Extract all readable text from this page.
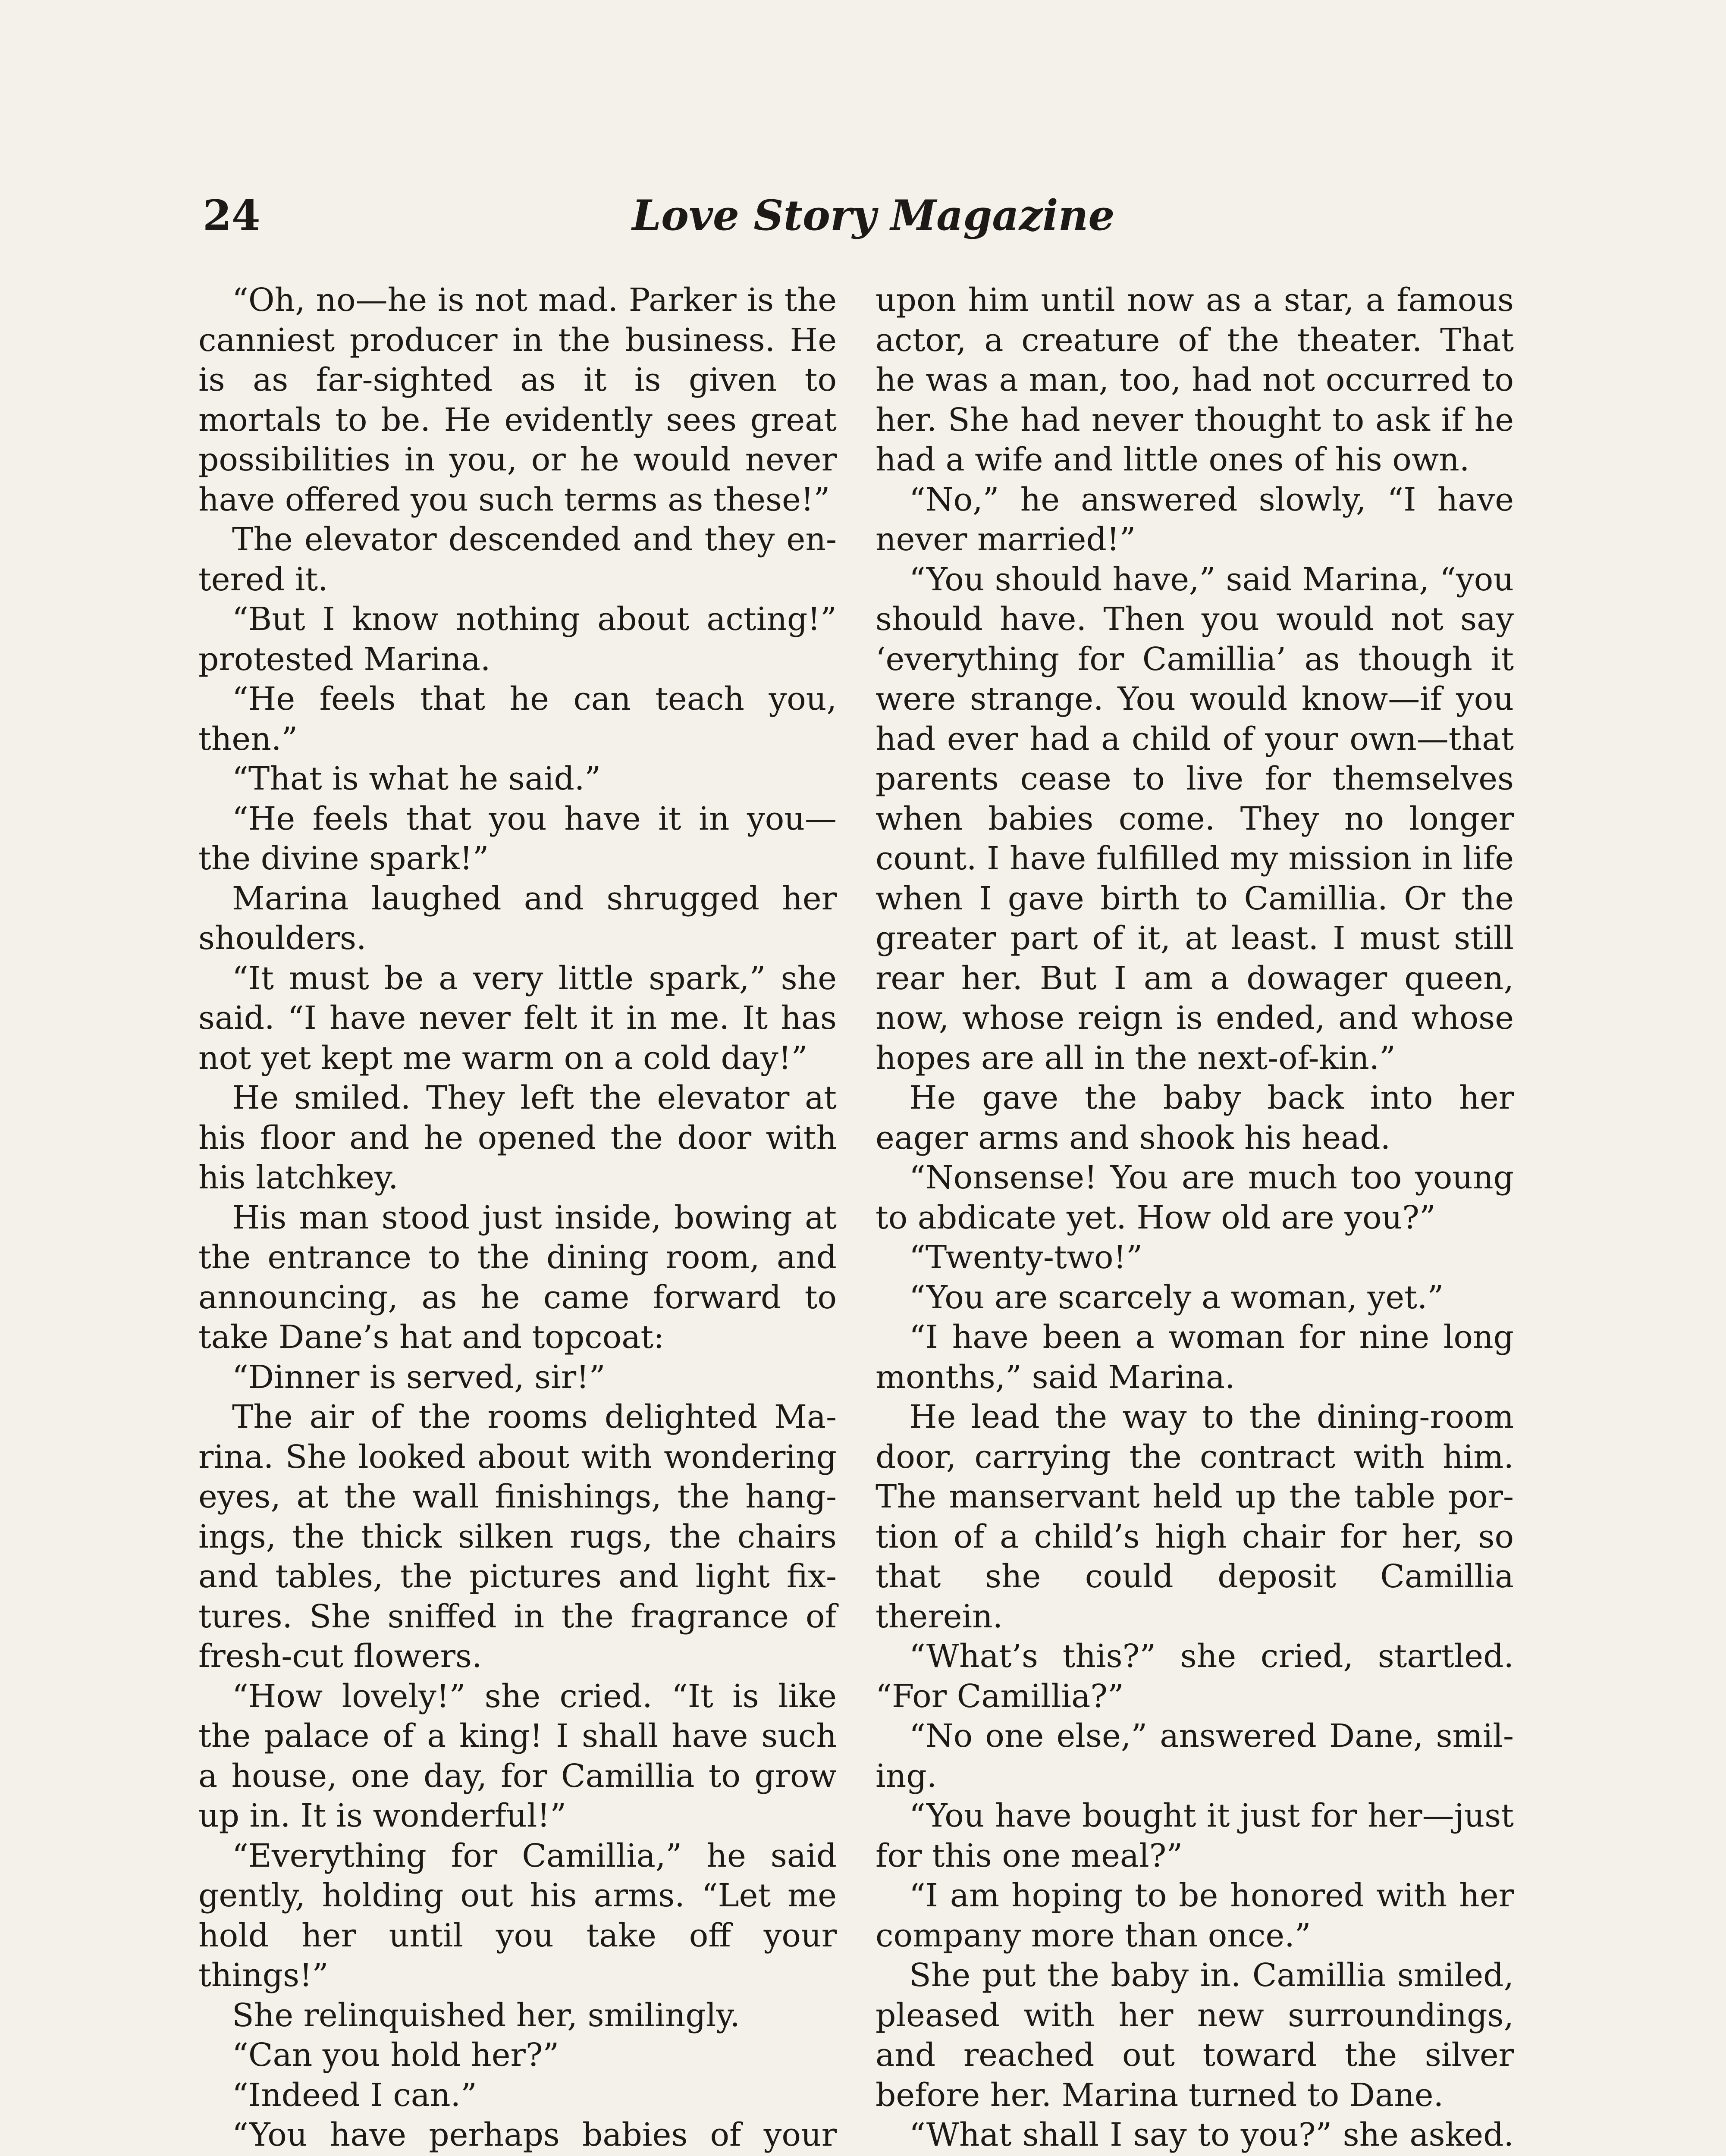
24	Love Story Magazine

“Oh, no—he is not mad. Parker is the canniest producer in the business. He is as far-sighted as it is given to mortals to be. He evidently sees great possibilities in you, or he would never have offered you such terms as these!”

The elevator descended and they entered it.

“But I know nothing about acting!” protested Marina.

“He feels that he can teach you, then.”

“That is what he said.”

“He feels that you have it in you—the divine spark!”

Marina laughed and shrugged her shoulders.

“It must be a very little spark,” she said. “I have never felt it in me. It has not yet kept me warm on a cold day!”

He smiled. They left the elevator at his floor and he opened the door with his latchkey.

His man stood just inside, bowing at the entrance to the dining room, and announcing, as he came forward to take Dane’s hat and topcoat:

“Dinner is served, sir!”

The air of the rooms delighted Marina. She looked about with wondering eyes, at the wall finishings, the hangings, the thick silken rugs, the chairs and tables, the pictures and light fixtures. She sniffed in the fragrance of fresh-cut flowers.

“How lovely!” she cried. “It is like the palace of a king! I shall have such a house, one day, for Camillia to grow up in. It is wonderful!”

“Everything for Camillia,” he said gently, holding out his arms. “Let me hold her until you take off your things!”

She relinquished her, smilingly.

“Can you hold her?”

“Indeed I can.”

“You have perhaps babies of your

upon him until now as a star, a famous actor, a creature of the theater. That he was a man, too, had not occurred to her. She had never thought to ask if he had a wife and little ones of his own.

“No,” he answered slowly, “I have never married!”

“You should have,” said Marina, “you should have. Then you would not say ‘everything for Camillia’ as though it were strange. You would know—if you had ever had a child of your own—that parents cease to live for themselves when babies come. They no longer count. I have fulfilled my mission in life when I gave birth to Camillia. Or the greater part of it, at least. I must still rear her. But I am a dowager queen, now, whose reign is ended, and whose hopes are all in the next-of-kin.”

He gave the baby back into her eager arms and shook his head.

“Nonsense! You are much too young to abdicate yet. How old are you?”

“Twenty-two!”

“You are scarcely a woman, yet.”

“I have been a woman for nine long months,” said Marina.

He lead the way to the dining-room door, carrying the contract with him. The manservant held up the table portion of a child’s high chair for her, so that she could deposit Camillia therein.

“What’s this?” she cried, startled. “For Camillia?”

“No one else,” answered Dane, smiling.

“You have bought it just for her—just for this one meal?”

“I am hoping to be honored with her company more than once.”

She put the baby in. Camillia smiled, pleased with her new surroundings, and reached out toward the silver before her. Marina turned to Dane.

“What shall I say to you?” she asked.
